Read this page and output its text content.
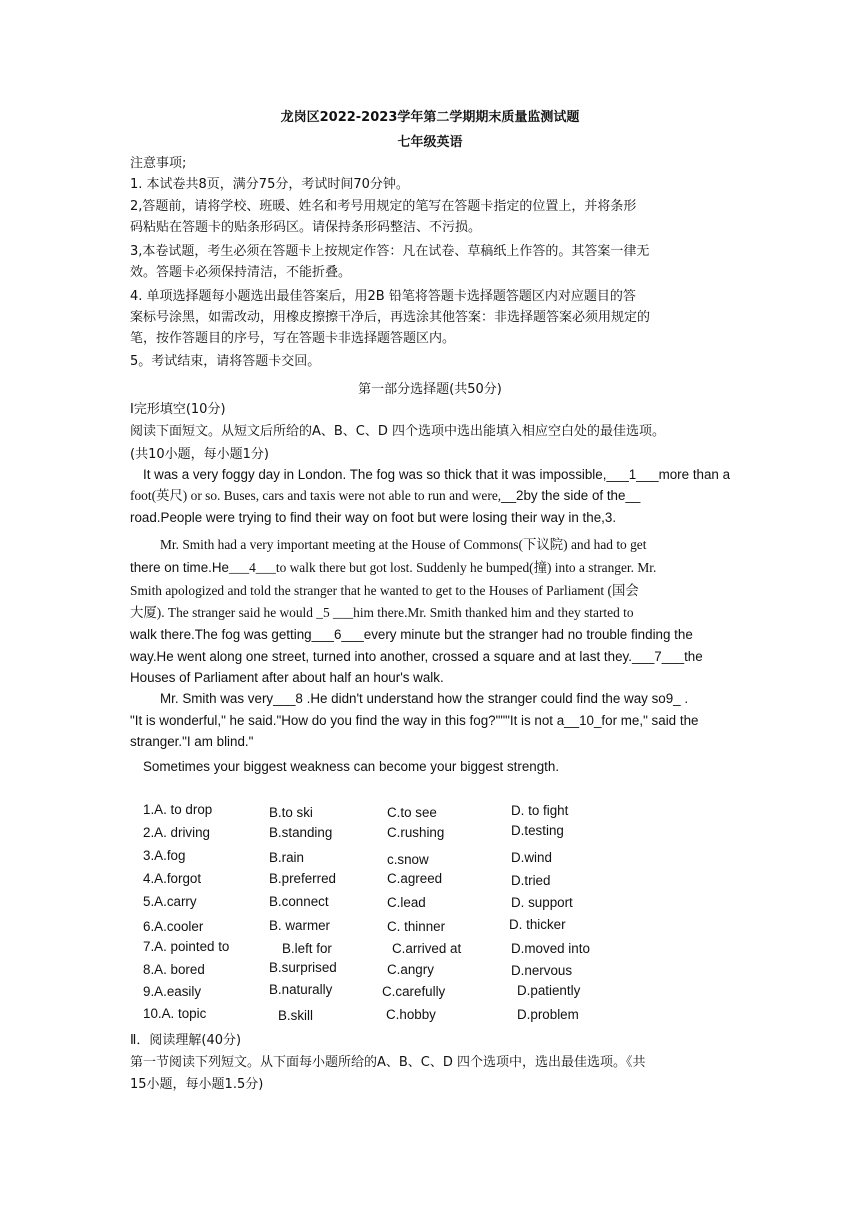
龙岗区2022-2023学年第二学期期末质量监测试题
七年级英语
注意事项;
1. 本试卷共8页，满分75分，考试时间70分钟。
2,答题前，请将学校、班暖、姓名和考号用规定的笔写在答题卡指定的位置上，并将条形
码粘贴在答题卡的贴条形码区。请保持条形码整洁、不污损。
3,本卷试题，考生必须在答题卡上按规定作答：凡在试卷、草稿纸上作答的。其答案一律无
效。答题卡必须保持清洁，不能折叠。
4. 单项选择题每小题选出最佳答案后，用2B 铅笔将答题卡选择题答题区内对应题目的答
案标号涂黑，如需改动，用橡皮擦擦干净后，再选涂其他答案：非选择题答案必须用规定的
笔，按作答题目的序号，写在答题卡非选择题答题区内。
5。考试结束，请将答题卡交回。
第一部分选择题(共50分)
I完形填空(10分)
阅读下面短文。从短文后所给的A、B、C、D 四个选项中选出能填入相应空白处的最佳选项。
(共10小题，每小题1分)
It was a very foggy day in London. The fog was so thick that it was impossible,___1___more than a
foot(英尺) or so. Buses, cars and taxis were not able to run and were,__2by the side of the__
road.People were trying to find their way on foot but were losing their way in the,3.
Mr. Smith had a very important meeting at the House of Commons(下议院) and had to get
there on time.He___4___to walk there but got lost. Suddenly he bumped(撞) into a stranger. Mr.
Smith apologized and told the stranger that he wanted to get to the Houses of Parliament (国会
大厦). The stranger said he would _5 ___him there.Mr. Smith thanked him and they started to
walk there.The fog was getting___6___every minute but the stranger had no trouble finding the
way.He went along one street, turned into another, crossed a square and at last they.___7___the
Houses of Parliament after about half an hour's walk.
Mr. Smith was very___8 .He didn't understand how the stranger could find the way so9_ .
"It is wonderful," he said."How do you find the way in this fog?"""It is not a__10_for me," said the
stranger."I am blind."
Sometimes your biggest weakness can become your biggest strength.
1.A. to drop	B.to ski	C.to see	D. to fight
2.A. driving	B.standing	C.rushing	D.testing
3.A.fog	B.rain	c.snow	D.wind
4.A.forgot	B.preferred	C.agreed	D.tried
5.A.carry	B.connect	C.lead	D. support
6.A.cooler	B. warmer	C. thinner	D. thicker
7.A. pointed to	B.left for	C.arrived at	D.moved into
8.A. bored	B.surprised	C.angry	D.nervous
9.A.easily	B.naturally	C.carefully	D.patiently
10.A. topic	B.skill	C.hobby	D.problem
Ⅱ．阅读理解(40分)
第一节阅读下列短文。从下面每小题所给的A、B、C、D 四个选项中，选出最佳选项。《共
15小题，每小题1.5分)
